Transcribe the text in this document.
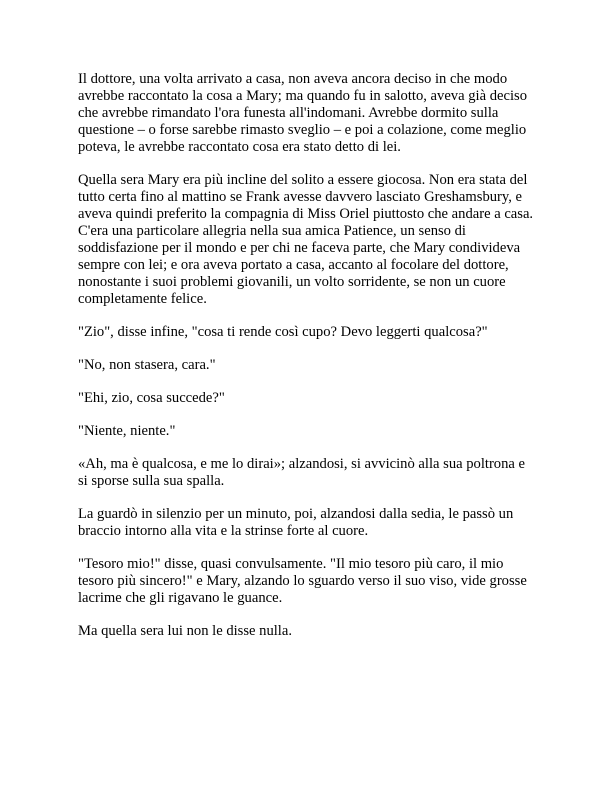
Il dottore, una volta arrivato a casa, non aveva ancora deciso in che modo avrebbe raccontato la cosa a Mary; ma quando fu in salotto, aveva già deciso che avrebbe rimandato l'ora funesta all'indomani. Avrebbe dormito sulla questione – o forse sarebbe rimasto sveglio – e poi a colazione, come meglio poteva, le avrebbe raccontato cosa era stato detto di lei.

Quella sera Mary era più incline del solito a essere giocosa. Non era stata del tutto certa fino al mattino se Frank avesse davvero lasciato Greshamsbury, e aveva quindi preferito la compagnia di Miss Oriel piuttosto che andare a casa. C'era una particolare allegria nella sua amica Patience, un senso di soddisfazione per il mondo e per chi ne faceva parte, che Mary condivideva sempre con lei; e ora aveva portato a casa, accanto al focolare del dottore, nonostante i suoi problemi giovanili, un volto sorridente, se non un cuore completamente felice.

"Zio", disse infine, "cosa ti rende così cupo? Devo leggerti qualcosa?"

"No, non stasera, cara."

"Ehi, zio, cosa succede?"

"Niente, niente."

«Ah, ma è qualcosa, e me lo dirai»; alzandosi, si avvicinò alla sua poltrona e si sporse sulla sua spalla.

La guardò in silenzio per un minuto, poi, alzandosi dalla sedia, le passò un braccio intorno alla vita e la strinse forte al cuore.

"Tesoro mio!" disse, quasi convulsamente. "Il mio tesoro più caro, il mio tesoro più sincero!" e Mary, alzando lo sguardo verso il suo viso, vide grosse lacrime che gli rigavano le guance.

Ma quella sera lui non le disse nulla.
